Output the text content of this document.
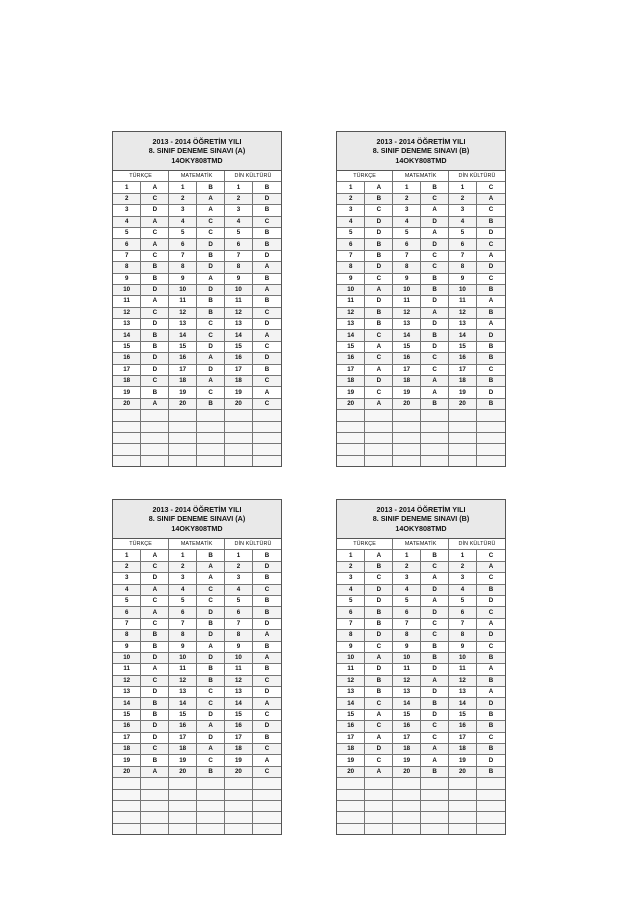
2013 - 2014 ÖĞRETİM YILI
8. SINIF DENEME SINAVI (A)
14OKY808TMD
TÜRKÇE		MATEMATİK		DİN KÜLTÜRÜ	
1	A	1	B	1	B
2	C	2	A	2	D
3	D	3	A	3	B
4	A	4	C	4	C
5	C	5	C	5	B
6	A	6	D	6	B
7	C	7	B	7	D
8	B	8	D	8	A
9	B	9	A	9	B
10	D	10	D	10	A
11	A	11	B	11	B
12	C	12	B	12	C
13	D	13	C	13	D
14	B	14	C	14	A
15	B	15	D	15	C
16	D	16	A	16	D
17	D	17	D	17	B
18	C	18	A	18	C
19	B	19	C	19	A
20	A	20	B	20	C

2013 - 2014 ÖĞRETİM YILI
8. SINIF DENEME SINAVI (B)
14OKY808TMD
TÜRKÇE		MATEMATİK		DİN KÜLTÜRÜ	
1	A	1	B	1	C
2	B	2	C	2	A
3	C	3	A	3	C
4	D	4	D	4	B
5	D	5	A	5	D
6	B	6	D	6	C
7	B	7	C	7	A
8	D	8	C	8	D
9	C	9	B	9	C
10	A	10	B	10	B
11	D	11	D	11	A
12	B	12	A	12	B
13	B	13	D	13	A
14	C	14	B	14	D
15	A	15	D	15	B
16	C	16	C	16	B
17	A	17	C	17	C
18	D	18	A	18	B
19	C	19	A	19	D
20	A	20	B	20	B

2013 - 2014 ÖĞRETİM YILI
8. SINIF DENEME SINAVI (A)
14OKY808TMD
TÜRKÇE		MATEMATİK		DİN KÜLTÜRÜ	
1	A	1	B	1	B
2	C	2	A	2	D
3	D	3	A	3	B
4	A	4	C	4	C
5	C	5	C	5	B
6	A	6	D	6	B
7	C	7	B	7	D
8	B	8	D	8	A
9	B	9	A	9	B
10	D	10	D	10	A
11	A	11	B	11	B
12	C	12	B	12	C
13	D	13	C	13	D
14	B	14	C	14	A
15	B	15	D	15	C
16	D	16	A	16	D
17	D	17	D	17	B
18	C	18	A	18	C
19	B	19	C	19	A
20	A	20	B	20	C

2013 - 2014 ÖĞRETİM YILI
8. SINIF DENEME SINAVI (B)
14OKY808TMD
TÜRKÇE		MATEMATİK		DİN KÜLTÜRÜ	
1	A	1	B	1	C
2	B	2	C	2	A
3	C	3	A	3	C
4	D	4	D	4	B
5	D	5	A	5	D
6	B	6	D	6	C
7	B	7	C	7	A
8	D	8	C	8	D
9	C	9	B	9	C
10	A	10	B	10	B
11	D	11	D	11	A
12	B	12	A	12	B
13	B	13	D	13	A
14	C	14	B	14	D
15	A	15	D	15	B
16	C	16	C	16	B
17	A	17	C	17	C
18	D	18	A	18	B
19	C	19	A	19	D
20	A	20	B	20	B
